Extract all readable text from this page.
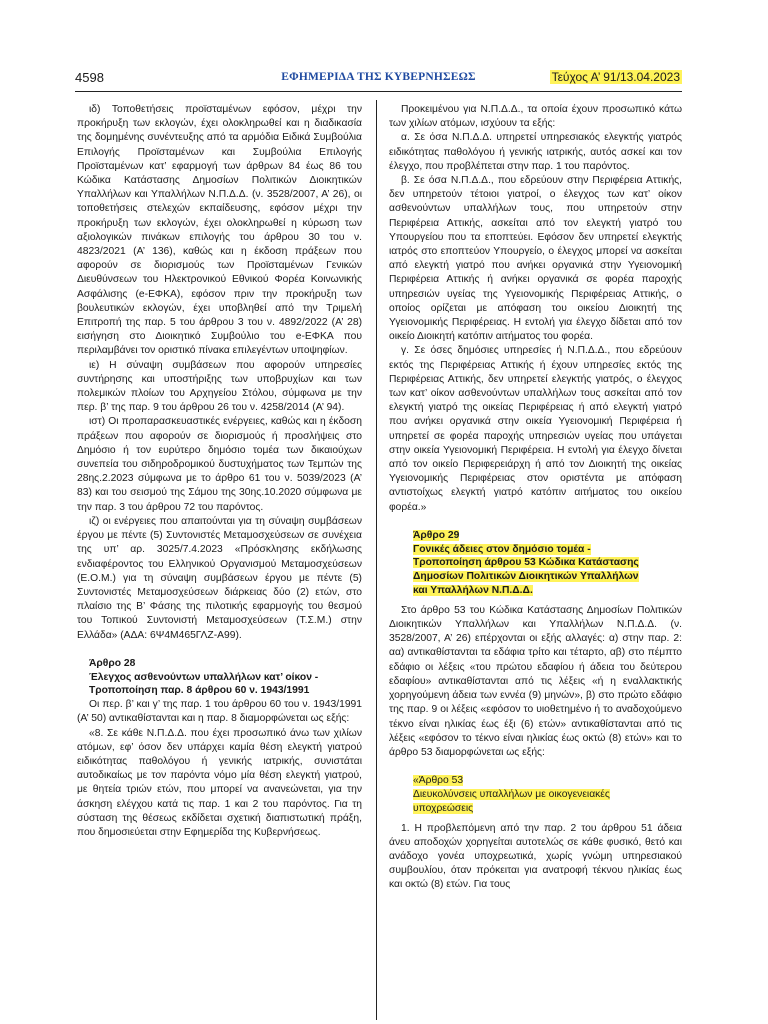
4598	ΕΦΗΜΕΡΙΔΑ ΤΗΣ ΚΥΒΕΡΝΗΣΕΩΣ	Τεύχος Α’ 91/13.04.2023

ιδ) Τοποθετήσεις προϊσταμένων εφόσον, μέχρι την προκήρυξη των εκλογών, έχει ολοκληρωθεί και η διαδικασία της δομημένης συνέντευξης από τα αρμόδια Ειδικά Συμβούλια Επιλογής Προϊσταμένων και Συμβούλια Επιλογής Προϊσταμένων κατ’ εφαρμογή των άρθρων 84 έως 86 του Κώδικα Κατάστασης Δημοσίων Πολιτικών Διοικητικών Υπαλλήλων και Υπαλλήλων Ν.Π.Δ.Δ. (ν. 3528/2007, Α’ 26), οι τοποθετήσεις στελεχών εκπαίδευσης, εφόσον μέχρι την προκήρυξη των εκλογών, έχει ολοκληρωθεί η κύρωση των αξιολογικών πινάκων επιλογής του άρθρου 30 του ν. 4823/2021 (Α’ 136), καθώς και η έκδοση πράξεων που αφορούν σε διορισμούς των Προϊσταμένων Γενικών Διευθύνσεων του Ηλεκτρονικού Εθνικού Φορέα Κοινωνικής Ασφάλισης (e-ΕΦΚΑ), εφόσον πριν την προκήρυξη των βουλευτικών εκλογών, έχει υποβληθεί από την Τριμελή Επιτροπή της παρ. 5 του άρθρου 3 του ν. 4892/2022 (Α’ 28) εισήγηση στο Διοικητικό Συμβούλιο του e-ΕΦΚΑ που περιλαμβάνει τον οριστικό πίνακα επιλεγέντων υποψηφίων.

ιε) Η σύναψη συμβάσεων που αφορούν υπηρεσίες συντήρησης και υποστήριξης των υποβρυχίων και των πολεμικών πλοίων του Αρχηγείου Στόλου, σύμφωνα με την περ. β’ της παρ. 9 του άρθρου 26 του ν. 4258/2014 (Α’ 94).

ιστ) Οι προπαρασκευαστικές ενέργειες, καθώς και η έκδοση πράξεων που αφορούν σε διορισμούς ή προσλήψεις στο Δημόσιο ή τον ευρύτερο δημόσιο τομέα των δικαιούχων συνεπεία του σιδηροδρομικού δυστυχήματος των Τεμπών της 28ης.2.2023 σύμφωνα με το άρθρο 61 του ν. 5039/2023 (Α’ 83) και του σεισμού της Σάμου της 30ης.10.2020 σύμφωνα με την παρ. 3 του άρθρου 72 του παρόντος.

ιζ) οι ενέργειες που απαιτούνται για τη σύναψη συμβάσεων έργου με πέντε (5) Συντονιστές Μεταμοσχεύσεων σε συνέχεια της υπ’ αρ. 3025/7.4.2023 «Πρόσκλησης εκδήλωσης ενδιαφέροντος του Ελληνικού Οργανισμού Μεταμοσχεύσεων (Ε.Ο.Μ.) για τη σύναψη συμβάσεων έργου με πέντε (5) Συντονιστές Μεταμοσχεύσεων διάρκειας δύο (2) ετών, στο πλαίσιο της Β’ Φάσης της πιλοτικής εφαρμογής του θεσμού του Τοπικού Συντονιστή Μεταμοσχεύσεων (Τ.Σ.Μ.) στην Ελλάδα» (ΑΔΑ: 6Ψ4Μ465ΓΛΖ-Α99).

Άρθρο 28
Έλεγχος ασθενούντων υπαλλήλων κατ’ οίκον -
Τροποποίηση παρ. 8 άρθρου 60 ν. 1943/1991

Οι περ. β’ και γ’ της παρ. 1 του άρθρου 60 του ν. 1943/1991 (Α’ 50) αντικαθίστανται και η παρ. 8 διαμορφώνεται ως εξής:

«8. Σε κάθε Ν.Π.Δ.Δ. που έχει προσωπικό άνω των χιλίων ατόμων, εφ’ όσον δεν υπάρχει καμία θέση ελεγκτή γιατρού ειδικότητας παθολόγου ή γενικής ιατρικής, συνιστάται αυτοδικαίως με τον παρόντα νόμο μία θέση ελεγκτή γιατρού, με θητεία τριών ετών, που μπορεί να ανανεώνεται, για την άσκηση ελέγχου κατά τις παρ. 1 και 2 του παρόντος. Για τη σύσταση της θέσεως εκδίδεται σχετική διαπιστωτική πράξη, που δημοσιεύεται στην Εφημερίδα της Κυβερνήσεως.

Προκειμένου για Ν.Π.Δ.Δ., τα οποία έχουν προσωπικό κάτω των χιλίων ατόμων, ισχύουν τα εξής:

α. Σε όσα Ν.Π.Δ.Δ. υπηρετεί υπηρεσιακός ελεγκτής γιατρός ειδικότητας παθολόγου ή γενικής ιατρικής, αυτός ασκεί και τον έλεγχο, που προβλέπεται στην παρ. 1 του παρόντος.

β. Σε όσα Ν.Π.Δ.Δ., που εδρεύουν στην Περιφέρεια Αττικής, δεν υπηρετούν τέτοιοι γιατροί, ο έλεγχος των κατ’ οίκον ασθενούντων υπαλλήλων τους, που υπηρετούν στην Περιφέρεια Αττικής, ασκείται από τον ελεγκτή γιατρό του Υπουργείου που τα εποπτεύει. Εφόσον δεν υπηρετεί ελεγκτής ιατρός στο εποπτεύον Υπουργείο, ο έλεγχος μπορεί να ασκείται από ελεγκτή γιατρό που ανήκει οργανικά στην Υγειονομική Περιφέρεια Αττικής ή ανήκει οργανικά σε φορέα παροχής υπηρεσιών υγείας της Υγειονομικής Περιφέρειας Αττικής, ο οποίος ορίζεται με απόφαση του οικείου Διοικητή της Υγειονομικής Περιφέρειας. Η εντολή για έλεγχο δίδεται από τον οικείο Διοικητή κατόπιν αιτήματος του φορέα.

γ. Σε όσες δημόσιες υπηρεσίες ή Ν.Π.Δ.Δ., που εδρεύουν εκτός της Περιφέρειας Αττικής ή έχουν υπηρεσίες εκτός της Περιφέρειας Αττικής, δεν υπηρετεί ελεγκτής γιατρός, ο έλεγχος των κατ’ οίκον ασθενούντων υπαλλήλων τους ασκείται από τον ελεγκτή γιατρό της οικείας Περιφέρειας ή από ελεγκτή γιατρό που ανήκει οργανικά στην οικεία Υγειονομική Περιφέρεια ή υπηρετεί σε φορέα παροχής υπηρεσιών υγείας που υπάγεται στην οικεία Υγειονομική Περιφέρεια. Η εντολή για έλεγχο δίνεται από τον οικείο Περιφερειάρχη ή από τον Διοικητή της οικείας Υγειονομικής Περιφέρειας στον οριστέντα με απόφαση αντιστοίχως ελεγκτή γιατρό κατόπιν αιτήματος του οικείου φορέα.»

Άρθρο 29
Γονικές άδειες στον δημόσιο τομέα -
Τροποποίηση άρθρου 53 Κώδικα Κατάστασης
Δημοσίων Πολιτικών Διοικητικών Υπαλλήλων
και Υπαλλήλων Ν.Π.Δ.Δ.

Στο άρθρο 53 του Κώδικα Κατάστασης Δημοσίων Πολιτικών Διοικητικών Υπαλλήλων και Υπαλλήλων Ν.Π.Δ.Δ. (ν. 3528/2007, Α’ 26) επέρχονται οι εξής αλλαγές: α) στην παρ. 2: αα) αντικαθίστανται τα εδάφια τρίτο και τέταρτο, αβ) στο πέμπτο εδάφιο οι λέξεις «του πρώτου εδαφίου ή άδεια του δεύτερου εδαφίου» αντικαθίστανται από τις λέξεις «ή η εναλλακτικής χορηγούμενη άδεια των εννέα (9) μηνών», β) στο πρώτο εδάφιο της παρ. 9 οι λέξεις «εφόσον το υιοθετημένο ή το αναδοχούμενο τέκνο είναι ηλικίας έως έξι (6) ετών» αντικαθίστανται από τις λέξεις «εφόσον το τέκνο είναι ηλικίας έως οκτώ (8) ετών» και το άρθρο 53 διαμορφώνεται ως εξής:

«Άρθρο 53
Διευκολύνσεις υπαλλήλων με οικογενειακές
υποχρεώσεις

1. Η προβλεπόμενη από την παρ. 2 του άρθρου 51 άδεια άνευ αποδοχών χορηγείται αυτοτελώς σε κάθε φυσικό, θετό και ανάδοχο γονέα υποχρεωτικά, χωρίς γνώμη υπηρεσιακού συμβουλίου, όταν πρόκειται για ανατροφή τέκνου ηλικίας έως και οκτώ (8) ετών. Για τους
